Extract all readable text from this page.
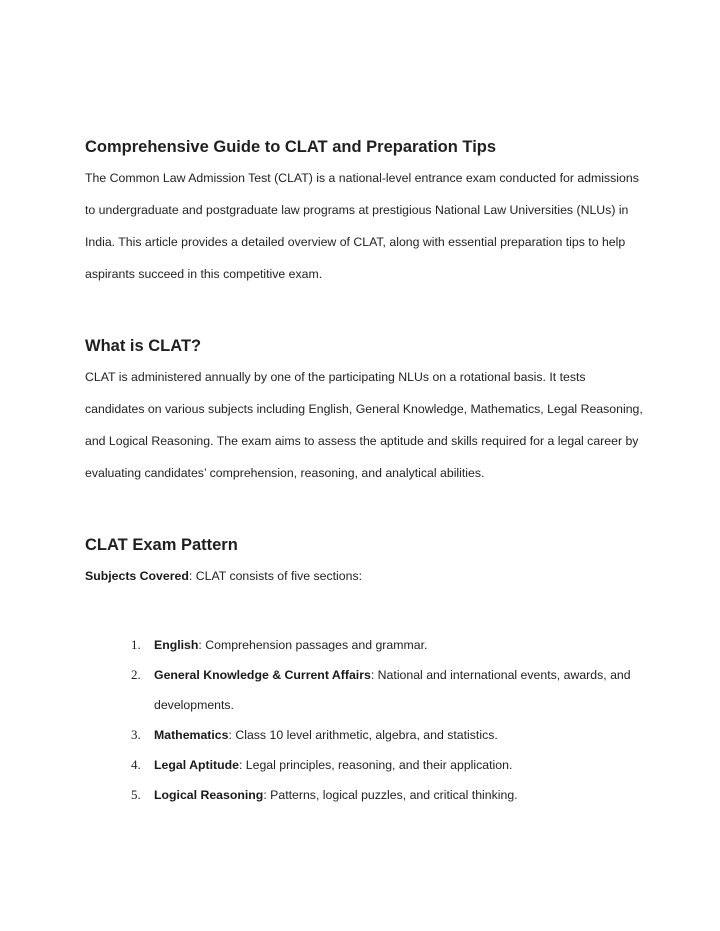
Comprehensive Guide to CLAT and Preparation Tips

The Common Law Admission Test (CLAT) is a national-level entrance exam conducted for admissions to undergraduate and postgraduate law programs at prestigious National Law Universities (NLUs) in India. This article provides a detailed overview of CLAT, along with essential preparation tips to help aspirants succeed in this competitive exam.

What is CLAT?

CLAT is administered annually by one of the participating NLUs on a rotational basis. It tests candidates on various subjects including English, General Knowledge, Mathematics, Legal Reasoning, and Logical Reasoning. The exam aims to assess the aptitude and skills required for a legal career by evaluating candidates’ comprehension, reasoning, and analytical abilities.

CLAT Exam Pattern

Subjects Covered: CLAT consists of five sections:

1. English: Comprehension passages and grammar.
2. General Knowledge & Current Affairs: National and international events, awards, and developments.
3. Mathematics: Class 10 level arithmetic, algebra, and statistics.
4. Legal Aptitude: Legal principles, reasoning, and their application.
5. Logical Reasoning: Patterns, logical puzzles, and critical thinking.
